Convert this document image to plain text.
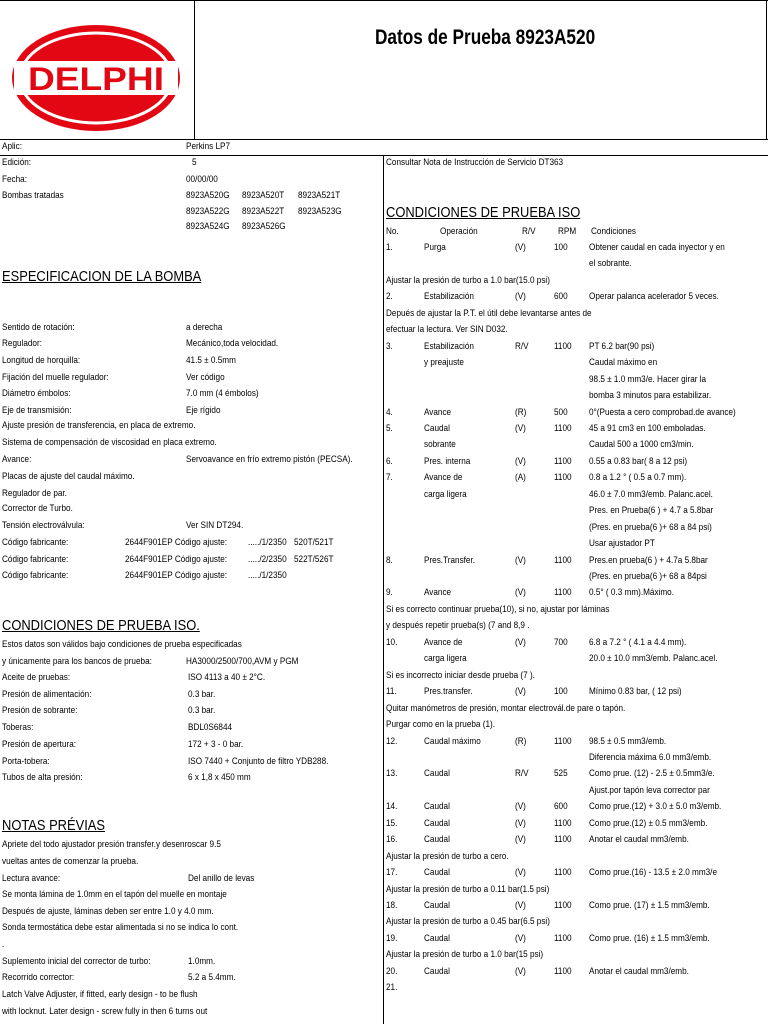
DELPHI
Datos de Prueba 8923A520
Aplic:	Perkins LP7
Edición:	5
Fecha:	00/00/00
Bombas tratadas	8923A520G 8923A520T 8923A521T
8923A522G 8923A522T 8923A523G
8923A524G 8923A526G
ESPECIFICACION DE LA BOMBA
Sentido de rotación:	a derecha
Regulador:	Mecánico,toda velocidad.
Longitud de horquilla:	41.5 ± 0.5mm
Fijación del muelle regulador:	Ver código
Diámetro émbolos:	7.0 mm (4 émbolos)
Eje de transmisión:	Eje rígido
Ajuste presión de transferencia, en placa de extremo.
Sistema de compensación de viscosidad en placa extremo.
Avance:	Servoavance en frío extremo pistón (PECSA).
Placas de ajuste del caudal máximo.
Regulador de par.
Corrector de Turbo.
Tensión electroválvula:	Ver SIN DT294.
Código fabricante:	2644F901EP Código ajuste: ...../1/2350 520T/521T
Código fabricante:	2644F901EP Código ajuste: ...../2/2350 522T/526T
Código fabricante:	2644F901EP Código ajuste: ...../1/2350
CONDICIONES DE PRUEBA ISO.
Estos datos son válidos bajo condiciones de prueba especificadas
y únicamente para los bancos de prueba:	HA3000/2500/700,AVM y PGM
Aceite de pruebas:	ISO 4113 a 40 ± 2°C.
Presión de alimentación:	0.3 bar.
Presión de sobrante:	0.3 bar.
Toberas:	BDL0S6844
Presión de apertura:	172 + 3 - 0 bar.
Porta-tobera:	ISO 7440 + Conjunto de filtro YDB288.
Tubos de alta presión:	6 x 1,8 x 450 mm
NOTAS PRÉVIAS
Apriete del todo ajustador presión transfer.y desenroscar 9.5
vueltas antes de comenzar la prueba.
Lectura avance:	Del anillo de levas
Se monta lámina de 1.0mm en el tapón del muelle en montaje
Después de ajuste, láminas deben ser entre 1.0 y 4.0 mm.
Sonda termostática debe estar alimentada si no se indica lo cont.
.
Suplemento inicial del corrector de turbo:	1.0mm.
Recorrido corrector:	5.2 a 5.4mm.
Latch Valve Adjuster, if fitted, early design - to be flush
with locknut. Later design - screw fully in then 6 turns out
Consultar Nota de Instrucción de Servicio DT363
CONDICIONES DE PRUEBA ISO
No.	Operación	R/V RPM Condiciones
1.	Purga	(V)	100 Obtener caudal en cada inyector y en
el sobrante.
Ajustar la presión de turbo a 1.0 bar(15.0 psi)
2.	Estabilización	(V)	600 Operar palanca acelerador 5 veces.
Depués de ajustar la P.T. el útil debe levantarse antes de
efectuar la lectura. Ver SIN D032.
3.	Estabilización	R/V	1100 PT 6.2 bar(90 psi)
y preajuste	Caudal máximo en
98.5 ± 1.0 mm3/e. Hacer girar la
bomba 3 minutos para estabilizar.
4.	Avance	(R)	500 0°(Puesta a cero comprobad.de avance)
5.	Caudal	(V)	1100 45 a 91 cm3 en 100 emboladas.
sobrante	Caudal 500 a 1000 cm3/min.
6.	Pres. interna	(V)	1100 0.55 a 0.83 bar( 8 a 12 psi)
7.	Avance de	(A)	1100 0.8 a 1.2 ° ( 0.5 a 0.7 mm).
carga ligera	46.0 ± 7.0 mm3/emb. Palanc.acel.
Pres. en Prueba(6 ) + 4.7 a 5.8bar
(Pres. en prueba(6 )+ 68 a 84 psi)
Usar ajustador PT
8.	Pres.Transfer.	(V)	1100 Pres.en prueba(6 ) + 4.7a 5.8bar
(Pres. en prueba(6 )+ 68 a 84psi
9.	Avance	(V)	1100 0.5° ( 0.3 mm).Máximo.
Si es correcto continuar prueba(10), si no, ajustar por láminas
y después repetir prueba(s) (7 and 8,9 .
10.	Avance de	(V)	700 6.8 a 7.2 ° ( 4.1 a 4.4 mm).
carga ligera	20.0 ± 10.0 mm3/emb. Palanc.acel.
Si es incorrecto iniciar desde prueba (7 ).
11.	Pres.transfer.	(V)	100 Mínimo 0.83 bar, ( 12 psi)
Quitar manómetros de presión, montar electrovál.de pare o tapón.
Purgar como en la prueba (1).
12.	Caudal máximo	(R)	1100 98.5 ± 0.5 mm3/emb.
Diferencia máxima 6.0 mm3/emb.
13.	Caudal	R/V	525 Como prue. (12) - 2.5 ± 0.5mm3/e.
Ajust.por tapón leva corrector par
14.	Caudal	(V)	600 Como prue.(12) + 3.0 ± 5.0 m3/emb.
15.	Caudal	(V)	1100 Como prue.(12) ± 0.5 mm3/emb.
16.	Caudal	(V)	1100 Anotar el caudal mm3/emb.
Ajustar la presión de turbo a cero.
17.	Caudal	(V)	1100 Como prue.(16) - 13.5 ± 2.0 mm3/e
Ajustar la presión de turbo a 0.11 bar(1.5 psi)
18.	Caudal	(V)	1100 Como prue. (17) ± 1.5 mm3/emb.
Ajustar la presión de turbo a 0.45 bar(6.5 psi)
19.	Caudal	(V)	1100 Como prue. (16) ± 1.5 mm3/emb.
Ajustar la presión de turbo a 1.0 bar(15 psi)
20.	Caudal	(V)	1100 Anotar el caudal mm3/emb.
21.
